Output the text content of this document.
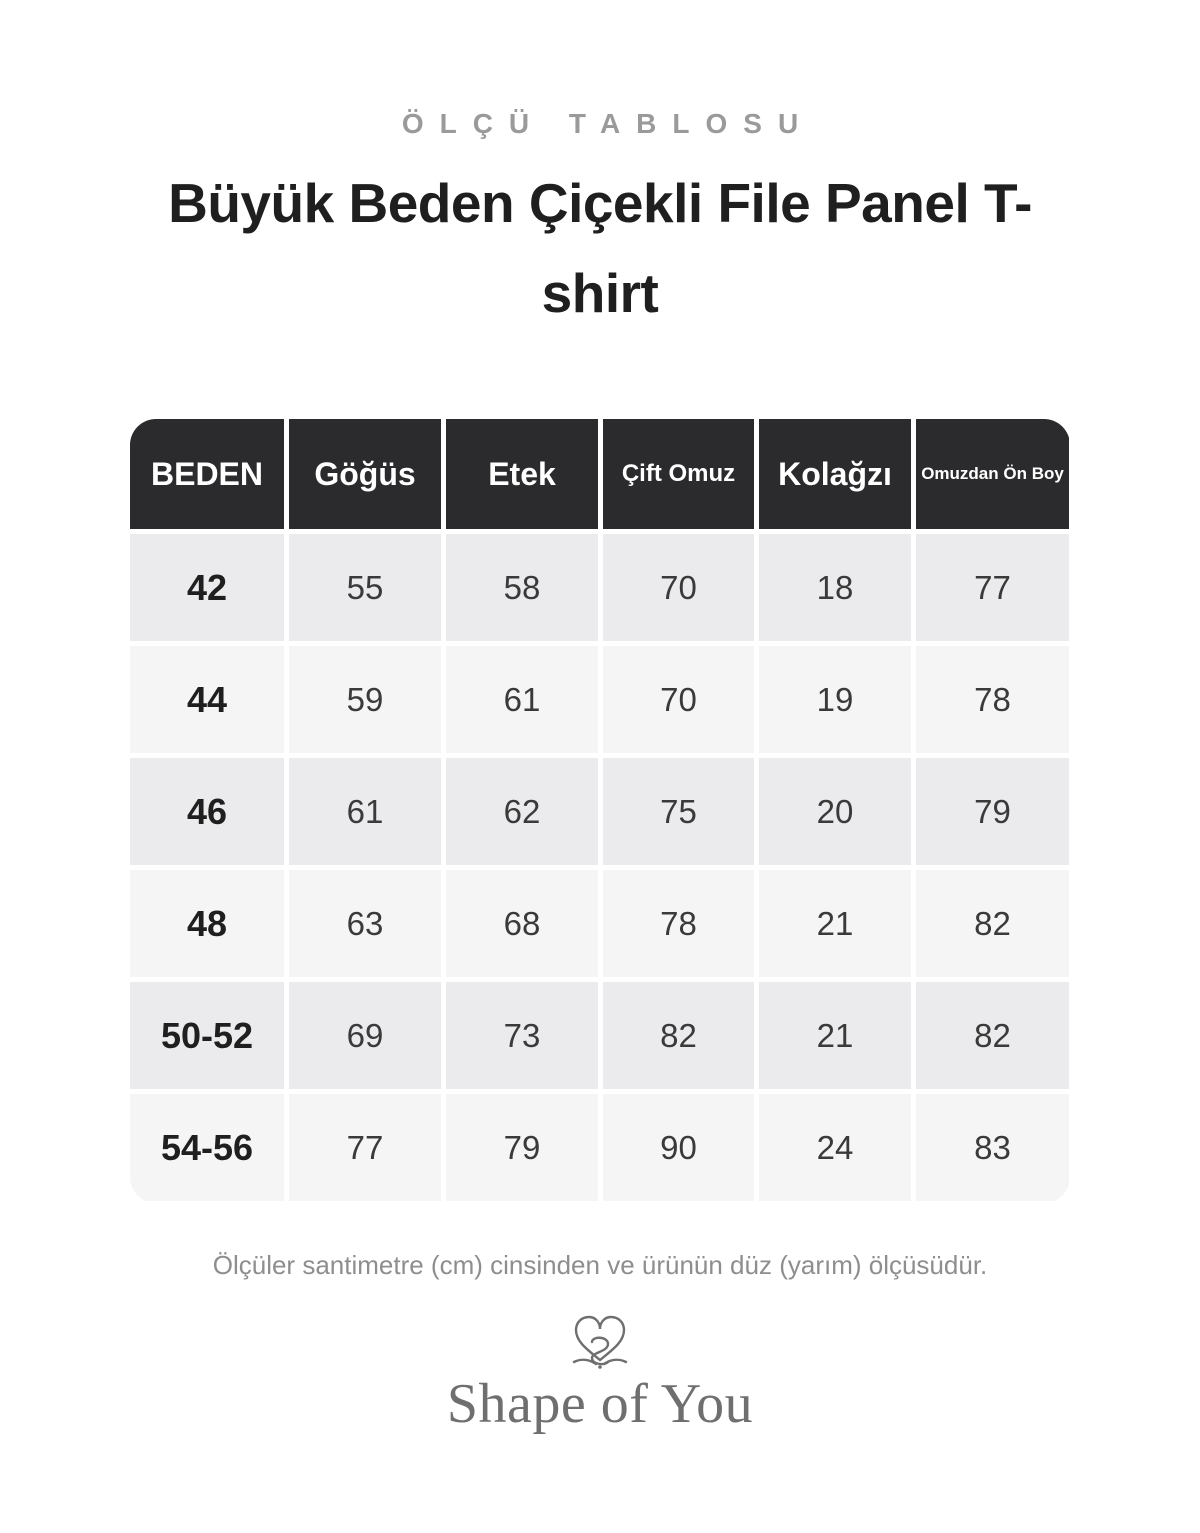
ÖLÇÜ TABLOSU
Büyük Beden Çiçekli File Panel T-shirt
BEDEN	Göğüs	Etek	Çift Omuz	Kolağzı	Omuzdan Ön Boy
42	55	58	70	18	77
44	59	61	70	19	78
46	61	62	75	20	79
48	63	68	78	21	82
50-52	69	73	82	21	82
54-56	77	79	90	24	83
Ölçüler santimetre (cm) cinsinden ve ürünün düz (yarım) ölçüsüdür.
Shape of You
